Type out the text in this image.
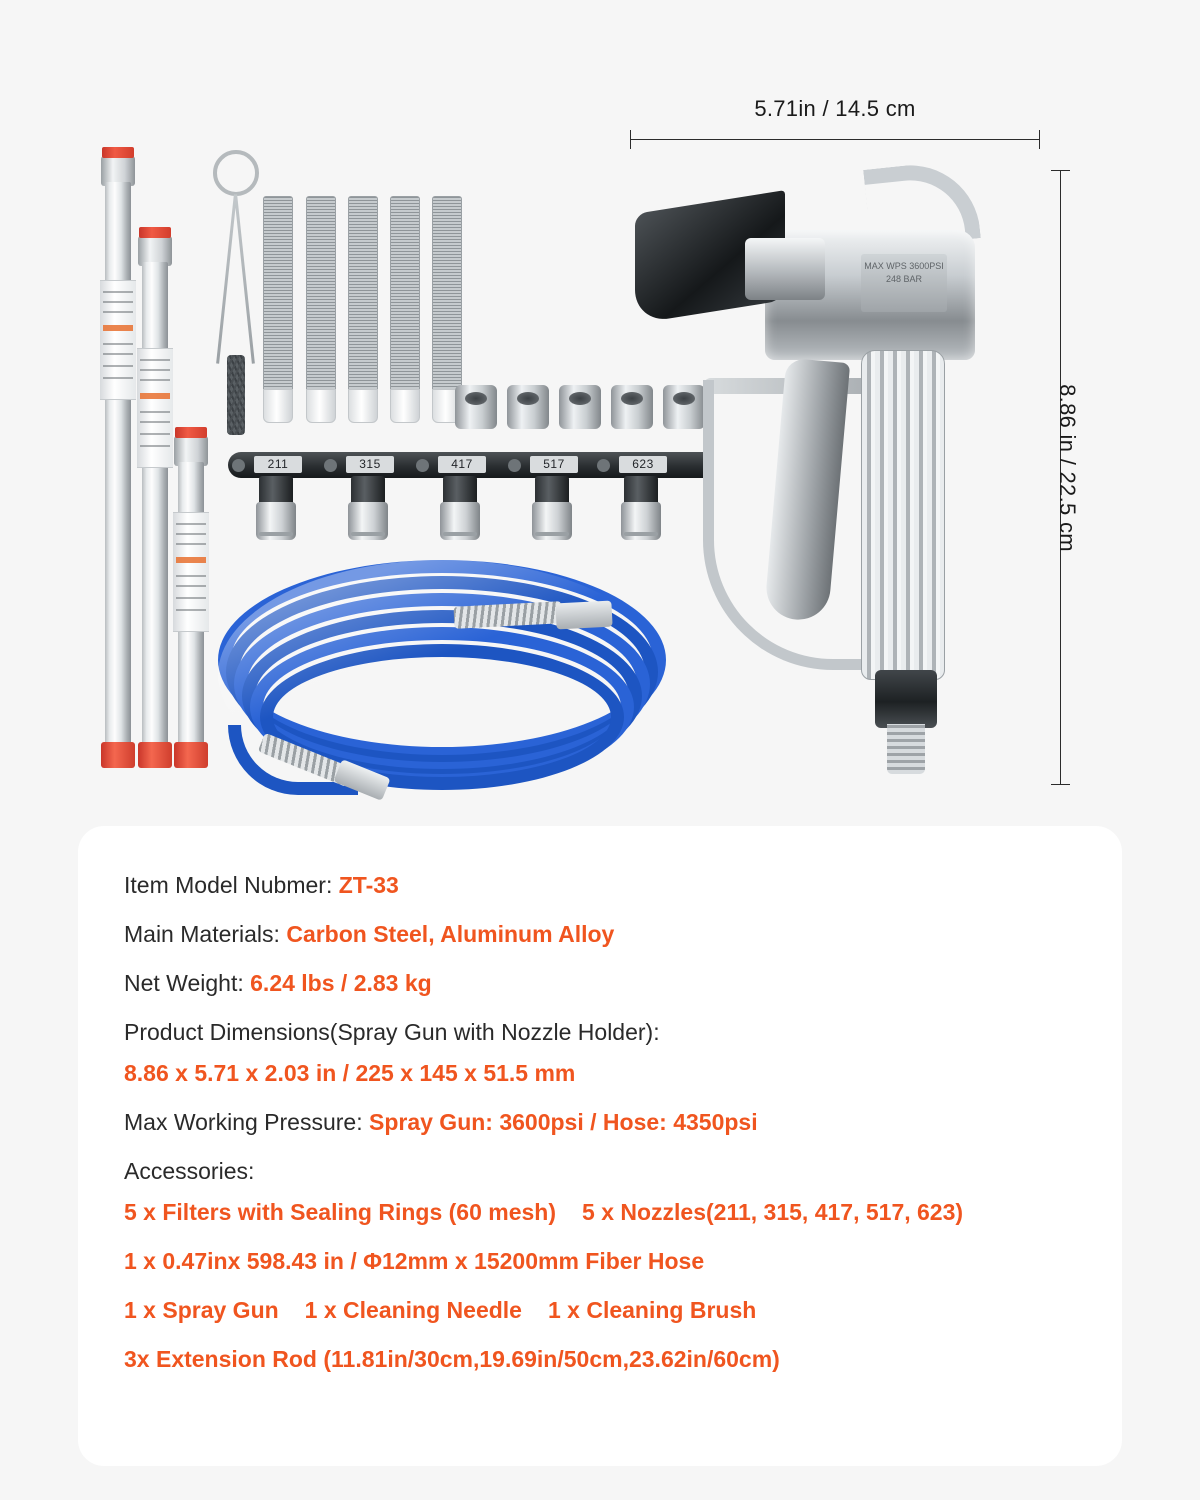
5.71in / 14.5 cm
8.86 in / 22.5 cm
211	315	417	517	623
MAX WPS 3600PSI 248 BAR
Item Model Nubmer: ZT-33
Main Materials: Carbon Steel, Aluminum Alloy
Net Weight: 6.24 lbs / 2.83 kg
Product Dimensions(Spray Gun with Nozzle Holder):
8.86 x 5.71 x 2.03 in / 225 x 145 x 51.5 mm
Max Working Pressure: Spray Gun: 3600psi / Hose: 4350psi
Accessories:
5 x Filters with Sealing Rings (60 mesh) 5 x Nozzles(211, 315, 417, 517, 623)
1 x 0.47inx 598.43 in / Φ12mm x 15200mm Fiber Hose
1 x Spray Gun 1 x Cleaning Needle 1 x Cleaning Brush
3x Extension Rod (11.81in/30cm,19.69in/50cm,23.62in/60cm)
